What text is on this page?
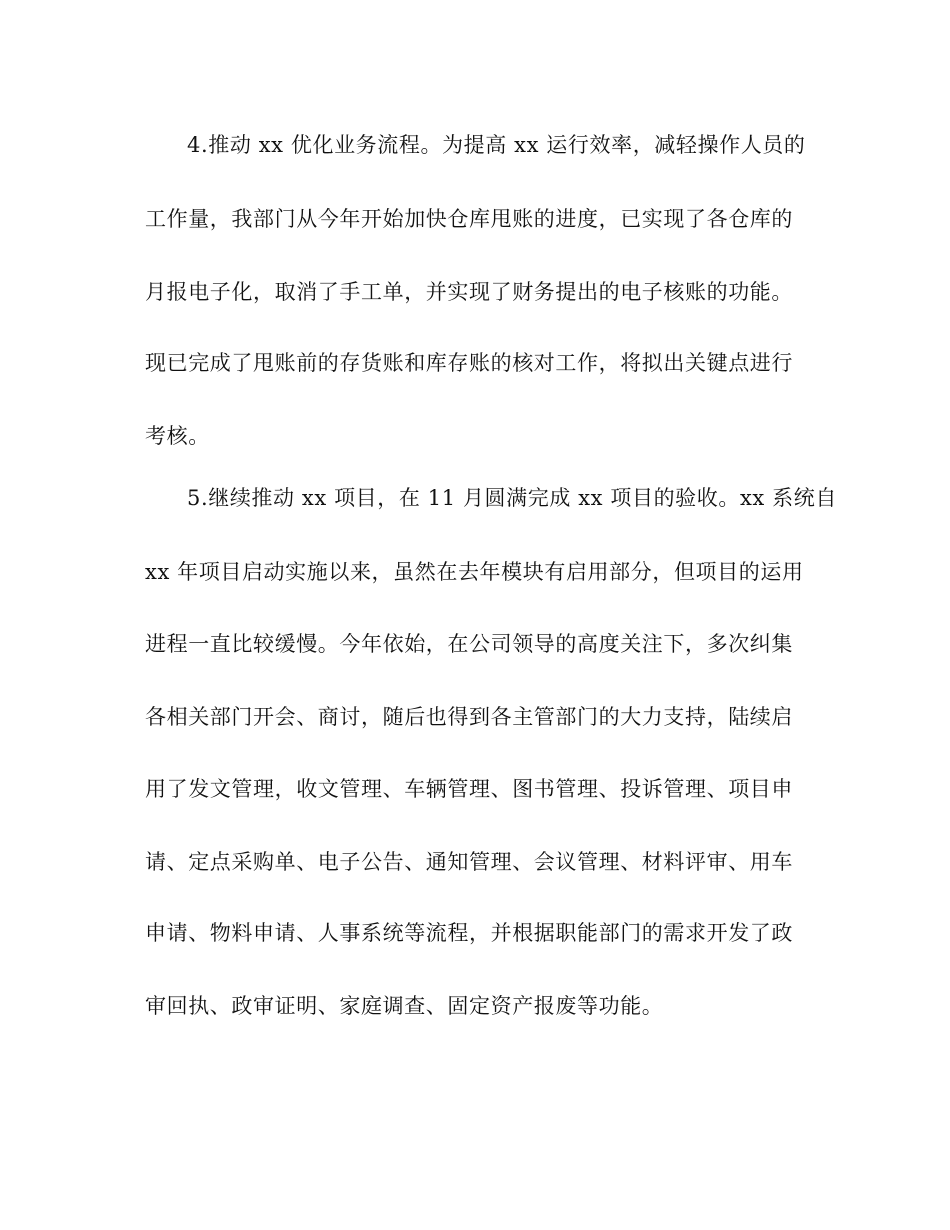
4.推动 xx 优化业务流程。为提高 xx 运行效率，减轻操作人员的
工作量，我部门从今年开始加快仓库甩账的进度，已实现了各仓库的
月报电子化，取消了手工单，并实现了财务提出的电子核账的功能。
现已完成了甩账前的存货账和库存账的核对工作，将拟出关键点进行
考核。
5.继续推动 xx 项目，在 11 月圆满完成 xx 项目的验收。xx 系统自
xx 年项目启动实施以来，虽然在去年模块有启用部分，但项目的运用
进程一直比较缓慢。今年依始，在公司领导的高度关注下，多次纠集
各相关部门开会、商讨，随后也得到各主管部门的大力支持，陆续启
用了发文管理，收文管理、车辆管理、图书管理、投诉管理、项目申
请、定点采购单、电子公告、通知管理、会议管理、材料评审、用车
申请、物料申请、人事系统等流程，并根据职能部门的需求开发了政
审回执、政审证明、家庭调查、固定资产报废等功能。
